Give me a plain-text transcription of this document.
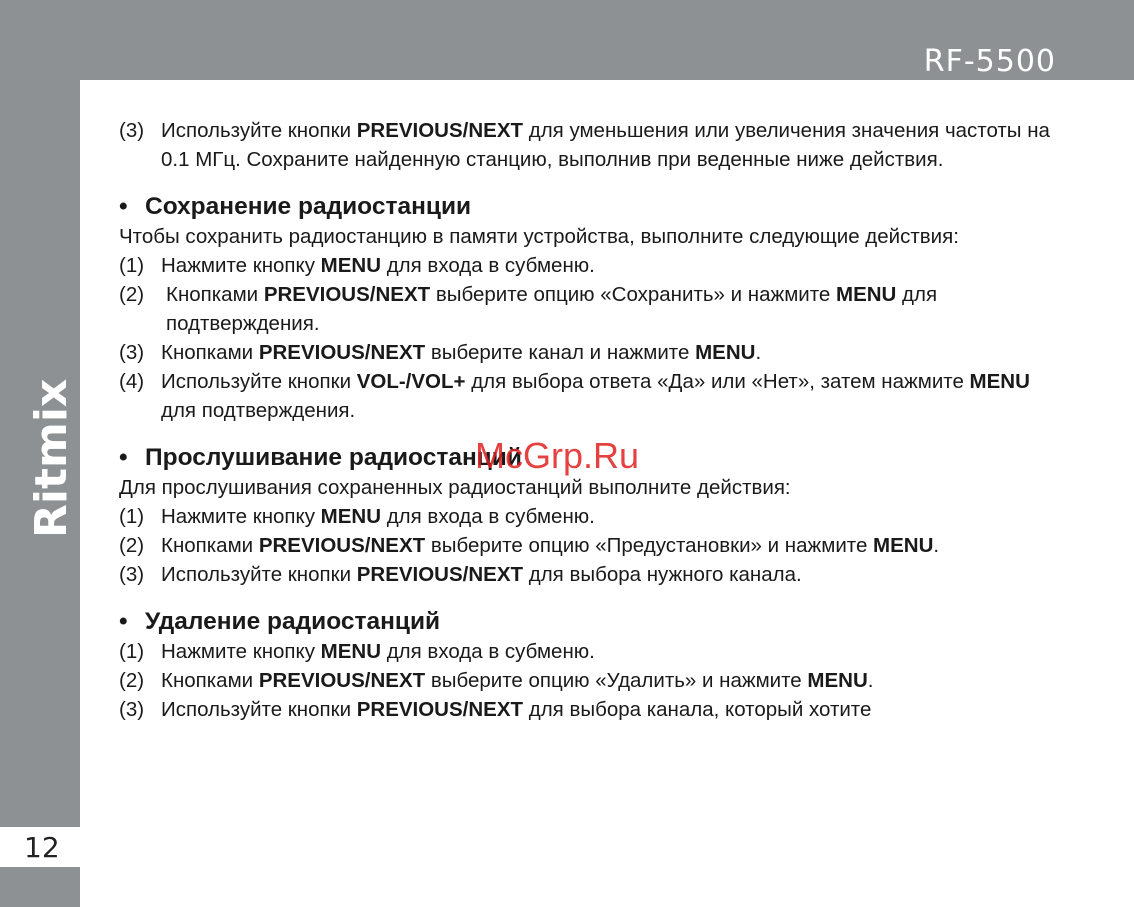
RF-5500
Ritmix
12
(3) Используйте кнопки PREVIOUS/NEXT для уменьшения или увеличения значения частоты на 0.1 МГц. Сохраните найденную станцию, выполнив при веденные ниже действия.
• Сохранение радиостанции
Чтобы сохранить радиостанцию в памяти устройства, выполните следующие действия:
(1) Нажмите кнопку MENU для входа в субменю.
(2)	Кнопками PREVIOUS/NEXT выберите опцию «Сохранить» и нажмите MENU для подтверждения.
(3) Кнопками PREVIOUS/NEXT выберите канал и нажмите MENU.
(4) Используйте кнопки VOL-/VOL+ для выбора ответа «Да» или «Нет», затем нажмите MENU для подтверждения.
• Прослушивание радиостанций
Для прослушивания сохраненных радиостанций выполните действия:
(1) Нажмите кнопку MENU для входа в субменю.
(2) Кнопками PREVIOUS/NEXT выберите опцию «Предустановки» и нажмите MENU.
(3) Используйте кнопки PREVIOUS/NEXT для выбора нужного канала.
• Удаление радиостанций
(1) Нажмите кнопку MENU для входа в субменю.
(2) Кнопками PREVIOUS/NEXT выберите опцию «Удалить» и нажмите MENU.
(3) Используйте кнопки PREVIOUS/NEXT для выбора канала, который хотите
McGrp.Ru
